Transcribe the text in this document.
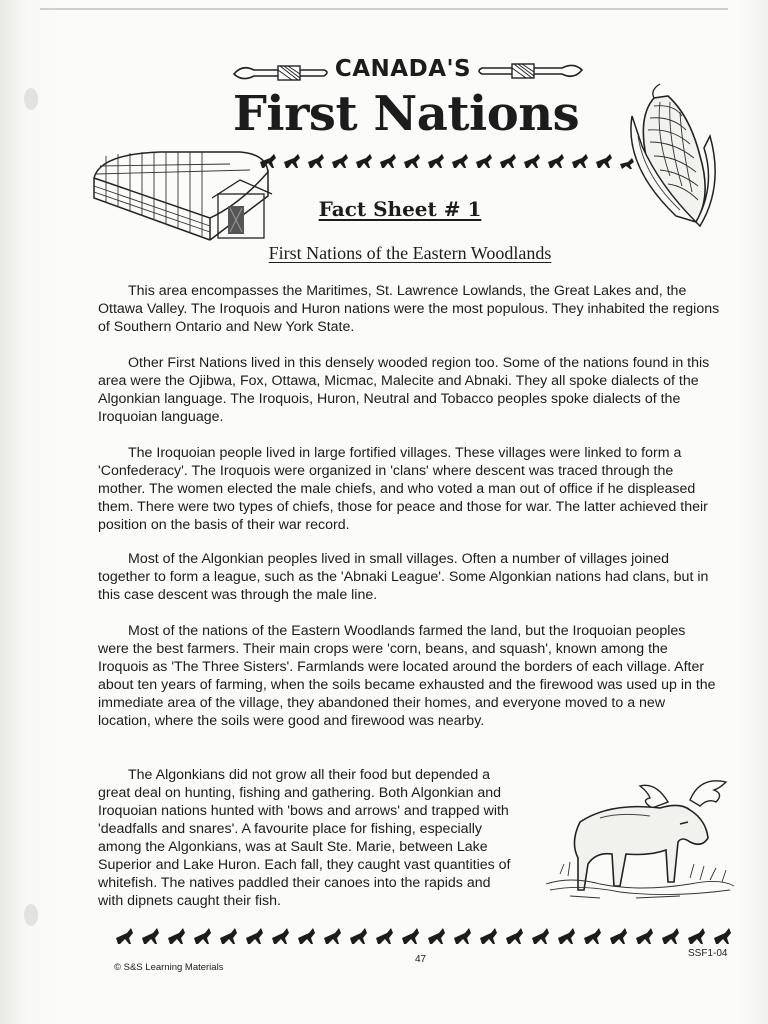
CANADA'S
First Nations
Fact Sheet # 1
First Nations of the Eastern Woodlands

This area encompasses the Maritimes, St. Lawrence Lowlands, the Great Lakes and, the Ottawa Valley. The Iroquois and Huron nations were the most populous. They inhabited the regions of Southern Ontario and New York State.

Other First Nations lived in this densely wooded region too. Some of the nations found in this area were the Ojibwa, Fox, Ottawa, Micmac, Malecite and Abnaki. They all spoke dialects of the Algonkian language. The Iroquois, Huron, Neutral and Tobacco peoples spoke dialects of the Iroquoian language.

The Iroquoian people lived in large fortified villages. These villages were linked to form a 'Confederacy'. The Iroquois were organized in 'clans' where descent was traced through the mother. The women elected the male chiefs, and who voted a man out of office if he displeased them. There were two types of chiefs, those for peace and those for war. The latter achieved their position on the basis of their war record.

Most of the Algonkian peoples lived in small villages. Often a number of villages joined together to form a league, such as the 'Abnaki League'. Some Algonkian nations had clans, but in this case descent was through the male line.

Most of the nations of the Eastern Woodlands farmed the land, but the Iroquoian peoples were the best farmers. Their main crops were 'corn, beans, and squash', known among the Iroquois as 'The Three Sisters'. Farmlands were located around the borders of each village. After about ten years of farming, when the soils became exhausted and the firewood was used up in the immediate area of the village, they abandoned their homes, and everyone moved to a new location, where the soils were good and firewood was nearby.

The Algonkians did not grow all their food but depended a great deal on hunting, fishing and gathering. Both Algonkian and Iroquoian nations hunted with 'bows and arrows' and trapped with 'deadfalls and snares'. A favourite place for fishing, especially among the Algonkians, was at Sault Ste. Marie, between Lake Superior and Lake Huron. Each fall, they caught vast quantities of whitefish. The natives paddled their canoes into the rapids and with dipnets caught their fish.

© S&S Learning Materials
47
SSF1-04
